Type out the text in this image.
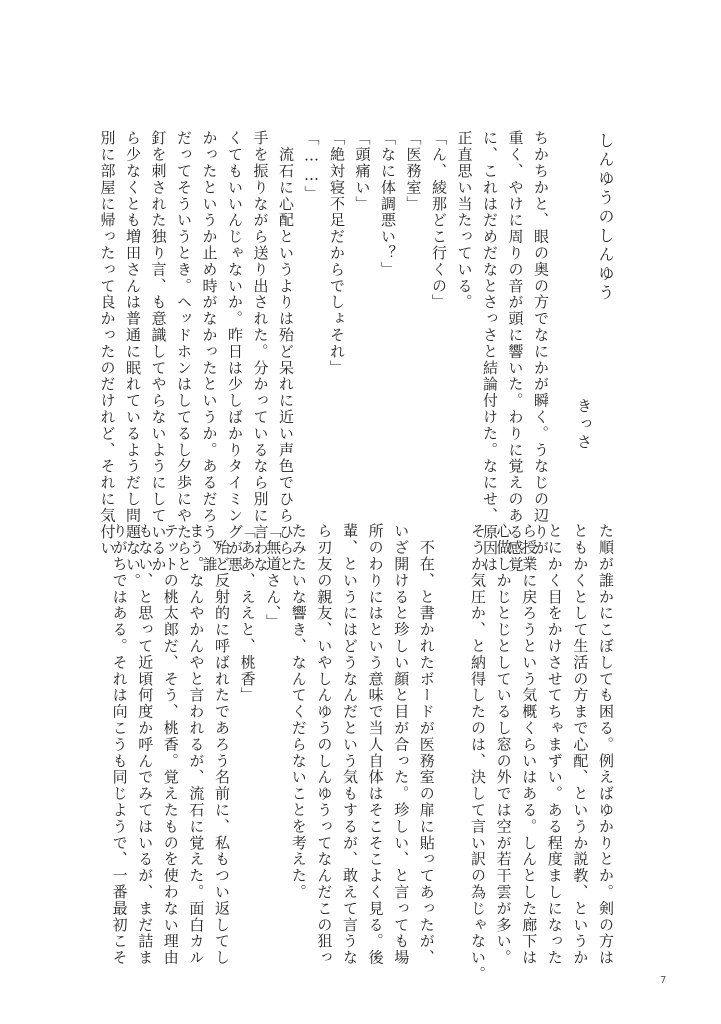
しんゆうのしんゆう
きっさ
ちかちかと、眼の奥の方でなにかが瞬く。うなじの辺りが
重く、やけに周りの音が頭に響いた。わりに覚えのある感覚
に、これはだめだなとさっさと結論付けた。なにせ、原因は
正直思い当たっている。
「ん、綾那どこ行くの」
「医務室」
「なに体調悪い？」
「頭痛い」
「絶対寝不足だからでしょそれ」
「……」
　流石に心配というよりは殆ど呆れに近い声色でひらひらと
手を振りながら送り出された。分かっているなら別に言わな
くてもいいんじゃないか。昨日は少しばかりタイミングが悪
かったというか止め時がなかったというか。あるだろう、誰
だってそういうとき。ヘッドホンはしてるし夕歩にやたらと
釘を刺された独り言、も意識してやらないようにしているか
ら少なくとも増田さんは普通に眠れているようだし問題ない。
別に部屋に帰ったって良かったのだけれど、それに気付い
た順が誰かにこぼしても困る。例えばゆかりとか。剣の方は
ともかくとして生活の方まで心配、というか説教、というか
とにかく目をかけさせてちゃまずい。ある程度ましになった
ら授業に戻ろうという気概くらいはある。しんとした廊下は
心做しかじとじとしているし窓の外では空が若干雲が多い。
そうか気圧か、と納得したのは、決して言い訳の為じゃない。
　不在、と書かれたボードが医務室の扉に貼ってあったが、
いざ開けると珍しい顔と目が合った。珍しい、と言っても場
所のわりにはという意味で当人自体はそこそこよく見る。後
輩、というにはどうなんだという気もするが、敢えて言うな
ら刃友の親友、いやしんゆうのしんゆうってなんだこの狙っ
たみたいな響き、なんてくだらないことを考えた。
「無道さん、」
「ああ、ええと、桃香」
　殆ど反射的に呼ばれたであろう名前に、私もつい返してし
まう。なんやかんやと言われるが、流石に覚えた。面白カル
テットの桃太郎だ、そう、桃香。覚えたものを使わない理由
もない、と思って近頃何度か呼んでみてはいるが、まだ詰ま
りがちではある。それは向こうも同じようで、一番最初こそ
7
